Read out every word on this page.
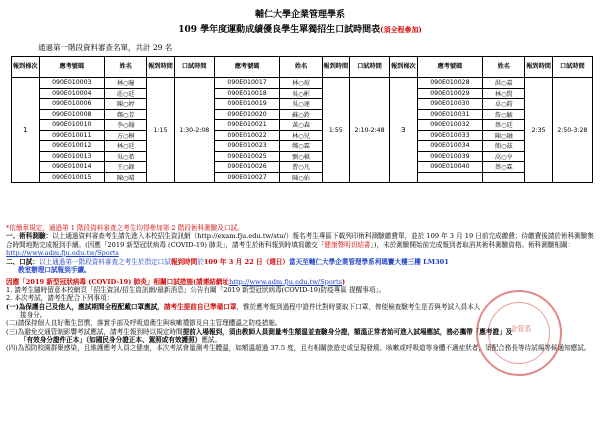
輔仁大學企業管理學系
109 學年度運動成績優良學生單獨招生口試時間表(須全程參加)
通過第一階段資料審查名單，共計 29 名
報到梯次	應考號碼	姓名	報到時間	口試時間	應考號碼	姓名	報到時間	口試時間	報到梯次	應考號碼	姓名	報到時間	口試時間
1	090E010003	林○瞳	1:15	1:30-2:08	090E010017	林○瑄	1:55	2:10-2:48	3	090E010028	洪○嘉	2:35	2:50-3:28
	090E010004	莊○廷			090E010018	吳○彬				090E010029	林○賢		
	090E010006	陳○婷			090E010019	吳○達				090E010030	卓○鈞		
	090E010008	鄭○芳			090E010020	蘇○鈴				090E010031	詹○毓		
	090E010010	李○翰			090E010021	黃○森				090E010032	蔡○廷		
	090E010011	方○桐			090E010022	林○兒				090E010033	陳○融		
	090E010012	林○廷			090E010023	鄭○霖				090E010034	簡○茲		
	090E010013	吳○希			090E010025	劉○棋				090E010039	高○亨		
	090E010014	王○錄			090E010026	曹○凡				090E010040	蔡○霖		
	090E010015	陳○晴			090E010027	陳○佑							
*依簡章規定，通過第 1 階段資料審查之考生均得參加第 2 階段術科測驗及口試。
一、術科測驗：以上通過資料審查考生請先進入本校招生資訊網（http://exam.fju.edu.tw/stu/）報名考生專區下載列印術科測驗繳費單，並於 109 年 3 月 19 日前完成繳費；待繳費後請於術科測驗集合時間地點完成報到手續。(因應「2019 新型冠狀病毒 (COVID-19) 肺炎」，請考生於術科報到時填寫繳交「健康聲明切結書」)，未於測驗開始前完成報到者取消其術科測驗資格。術科測驗相關：http://www.adm.fju.edu.tw/Sports
二、口試：以上通過第一階段資料審查之考生於指定口試報到時間於109 年 3 月 22 日（週日）當天至輔仁大學企業管理學系利瑪竇大樓三樓 LM301
教室辦理口試報到手續。
因應「2019 新型冠狀病毒 (COVID-19) 肺炎」相關口試措施(請連結網址http://www.adm.fju.edu.tw/Sports)
1. 請考生隨時留意本校網頁「招生資訊/招生資訊網/最新消息」公告有關「2019 新型冠狀病毒(COVID-19)防疫專區 提醒事項」。
2. 本次考試，請考生配合下列事項：
(一)為保護自己及他人，應試期間全程配戴口罩應試，請考生提前自已準備口罩，惟於應考報到過程中證件比對時要取下口罩，俾便檢查驗考生是否與考試入員本人
接身分。
(二)請保持個人良好衛生習慣，落實手部及呼吸道衛生與咳嗽禮節及自主管理體溫之防疫措施。
(三)為避免交通管制影響考試應試，請考生報到時以規定時間提前入場報到，須由教師人員測量考生額溫並查驗身分證，額溫正常者始可進入試場應試，務必攜帶「應考證」及
「有效身分證件正本」（如國民身分證正本、駕照或有效護照）應試。
(四)為預防校園群聚感染，且維護應考人員之健康，本次考試會量測考生體溫，如額溫超過 37.5 度，且有相關旅遊史或呈現發燒、咳嗽或呼吸道等身體不適症狀者，須配合務長等待試場等候通知應試。
企管系
